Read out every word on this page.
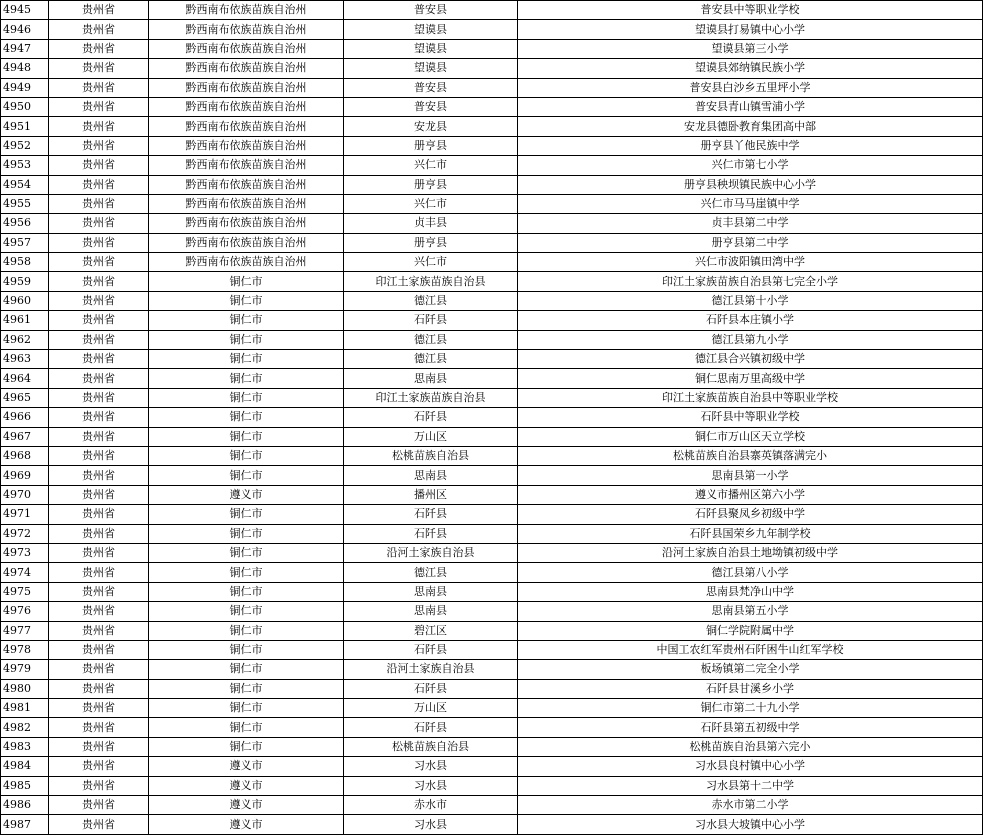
4945	贵州省	黔西南布依族苗族自治州	普安县	普安县中等职业学校
4946	贵州省	黔西南布依族苗族自治州	望谟县	望谟县打易镇中心小学
4947	贵州省	黔西南布依族苗族自治州	望谟县	望谟县第三小学
4948	贵州省	黔西南布依族苗族自治州	望谟县	望谟县郊纳镇民族小学
4949	贵州省	黔西南布依族苗族自治州	普安县	普安县白沙乡五里坪小学
4950	贵州省	黔西南布依族苗族自治州	普安县	普安县青山镇雪浦小学
4951	贵州省	黔西南布依族苗族自治州	安龙县	安龙县德卧教育集团高中部
4952	贵州省	黔西南布依族苗族自治州	册亨县	册亨县丫他民族中学
4953	贵州省	黔西南布依族苗族自治州	兴仁市	兴仁市第七小学
4954	贵州省	黔西南布依族苗族自治州	册亨县	册亨县秧坝镇民族中心小学
4955	贵州省	黔西南布依族苗族自治州	兴仁市	兴仁市马马崖镇中学
4956	贵州省	黔西南布依族苗族自治州	贞丰县	贞丰县第二中学
4957	贵州省	黔西南布依族苗族自治州	册亨县	册亨县第二中学
4958	贵州省	黔西南布依族苗族自治州	兴仁市	兴仁市波阳镇田湾中学
4959	贵州省	铜仁市	印江土家族苗族自治县	印江土家族苗族自治县第七完全小学
4960	贵州省	铜仁市	德江县	德江县第十小学
4961	贵州省	铜仁市	石阡县	石阡县本庄镇小学
4962	贵州省	铜仁市	德江县	德江县第九小学
4963	贵州省	铜仁市	德江县	德江县合兴镇初级中学
4964	贵州省	铜仁市	思南县	铜仁思南万里高级中学
4965	贵州省	铜仁市	印江土家族苗族自治县	印江土家族苗族自治县中等职业学校
4966	贵州省	铜仁市	石阡县	石阡县中等职业学校
4967	贵州省	铜仁市	万山区	铜仁市万山区天立学校
4968	贵州省	铜仁市	松桃苗族自治县	松桃苗族自治县寨英镇落满完小
4969	贵州省	铜仁市	思南县	思南县第一小学
4970	贵州省	遵义市	播州区	遵义市播州区第六小学
4971	贵州省	铜仁市	石阡县	石阡县聚凤乡初级中学
4972	贵州省	铜仁市	石阡县	石阡县国荣乡九年制学校
4973	贵州省	铜仁市	沿河土家族自治县	沿河土家族自治县土地坳镇初级中学
4974	贵州省	铜仁市	德江县	德江县第八小学
4975	贵州省	铜仁市	思南县	思南县梵净山中学
4976	贵州省	铜仁市	思南县	思南县第五小学
4977	贵州省	铜仁市	碧江区	铜仁学院附属中学
4978	贵州省	铜仁市	石阡县	中国工农红军贵州石阡困牛山红军学校
4979	贵州省	铜仁市	沿河土家族自治县	板场镇第二完全小学
4980	贵州省	铜仁市	石阡县	石阡县甘溪乡小学
4981	贵州省	铜仁市	万山区	铜仁市第二十九小学
4982	贵州省	铜仁市	石阡县	石阡县第五初级中学
4983	贵州省	铜仁市	松桃苗族自治县	松桃苗族自治县第六完小
4984	贵州省	遵义市	习水县	习水县良村镇中心小学
4985	贵州省	遵义市	习水县	习水县第十二中学
4986	贵州省	遵义市	赤水市	赤水市第二小学
4987	贵州省	遵义市	习水县	习水县大坡镇中心小学
